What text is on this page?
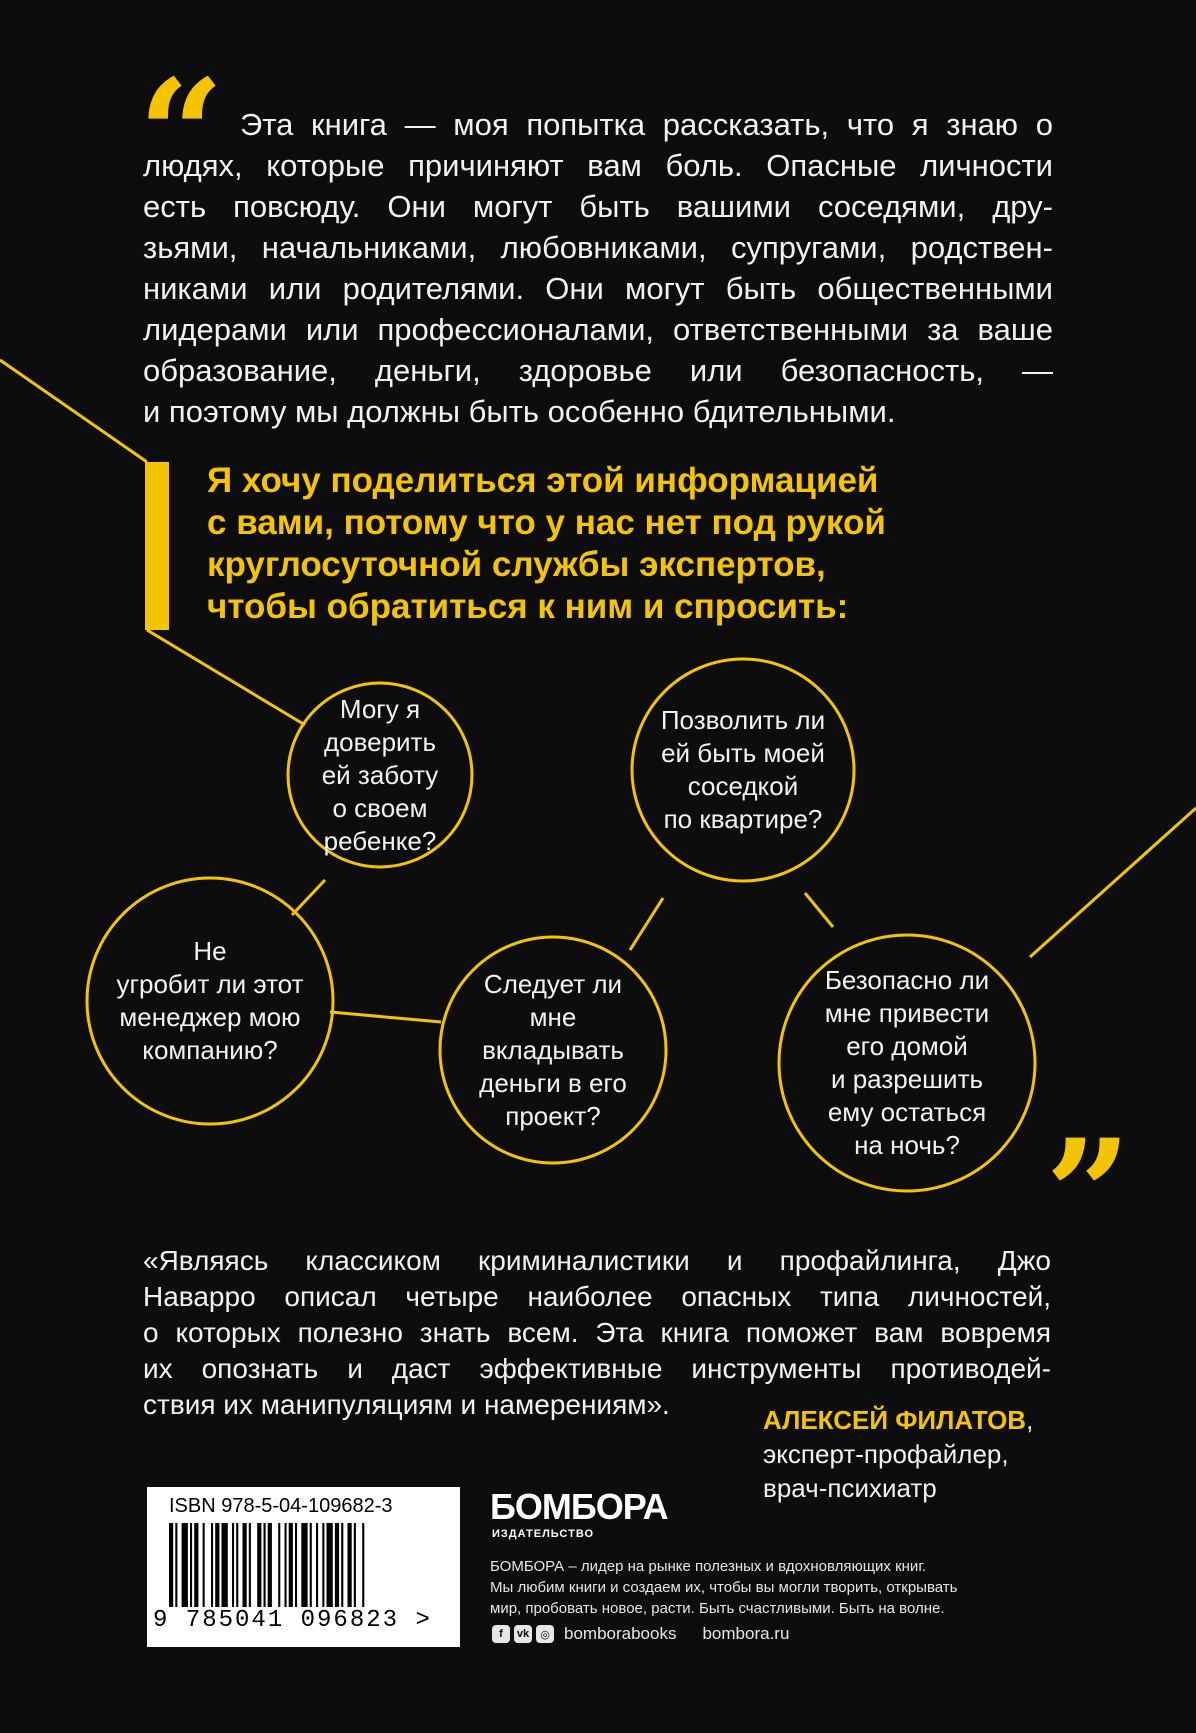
“ Эта книга — моя попытка рассказать, что я знаю о
людях, которые причиняют вам боль. Опасные личности
есть повсюду. Они могут быть вашими соседями, дру-
зьями, начальниками, любовниками, супругами, родствен-
никами или родителями. Они могут быть общественными
лидерами или профессионалами, ответственными за ваше
образование, деньги, здоровье или безопасность, —
и поэтому мы должны быть особенно бдительными.
Я хочу поделиться этой информацией
с вами, потому что у нас нет под рукой
круглосуточной службы экспертов,
чтобы обратиться к ним и спросить:
Могу я
доверить
ей заботу
о своем
ребенке?
Позволить ли
ей быть моей
соседкой
по квартире?
Не
угробит ли этот
менеджер мою
компанию?
Следует ли
мне
вкладывать
деньги в его
проект?
Безопасно ли
мне привести
его домой
и разрешить
ему остаться
на ночь? ”
«Являясь классиком криминалистики и профайлинга, Джо
Наварро описал четыре наиболее опасных типа личностей,
о которых полезно знать всем. Эта книга поможет вам вовремя
их опознать и даст эффективные инструменты противодей-
ствия их манипуляциям и намерениям».	АЛЕКСЕЙ ФИЛАТОВ,
эксперт-профайлер,
врач-психиатр
ISBN 978-5-04-109682-3
9 785041 096823 >
БОМБОРА
ИЗДАТЕЛЬСТВО
БОМБОРА – лидер на рынке полезных и вдохновляющих книг.
Мы любим книги и создаем их, чтобы вы могли творить, открывать
мир, пробовать новое, расти. Быть счастливыми. Быть на волне.
f	vk	◎ bomborabooks bombora.ru
